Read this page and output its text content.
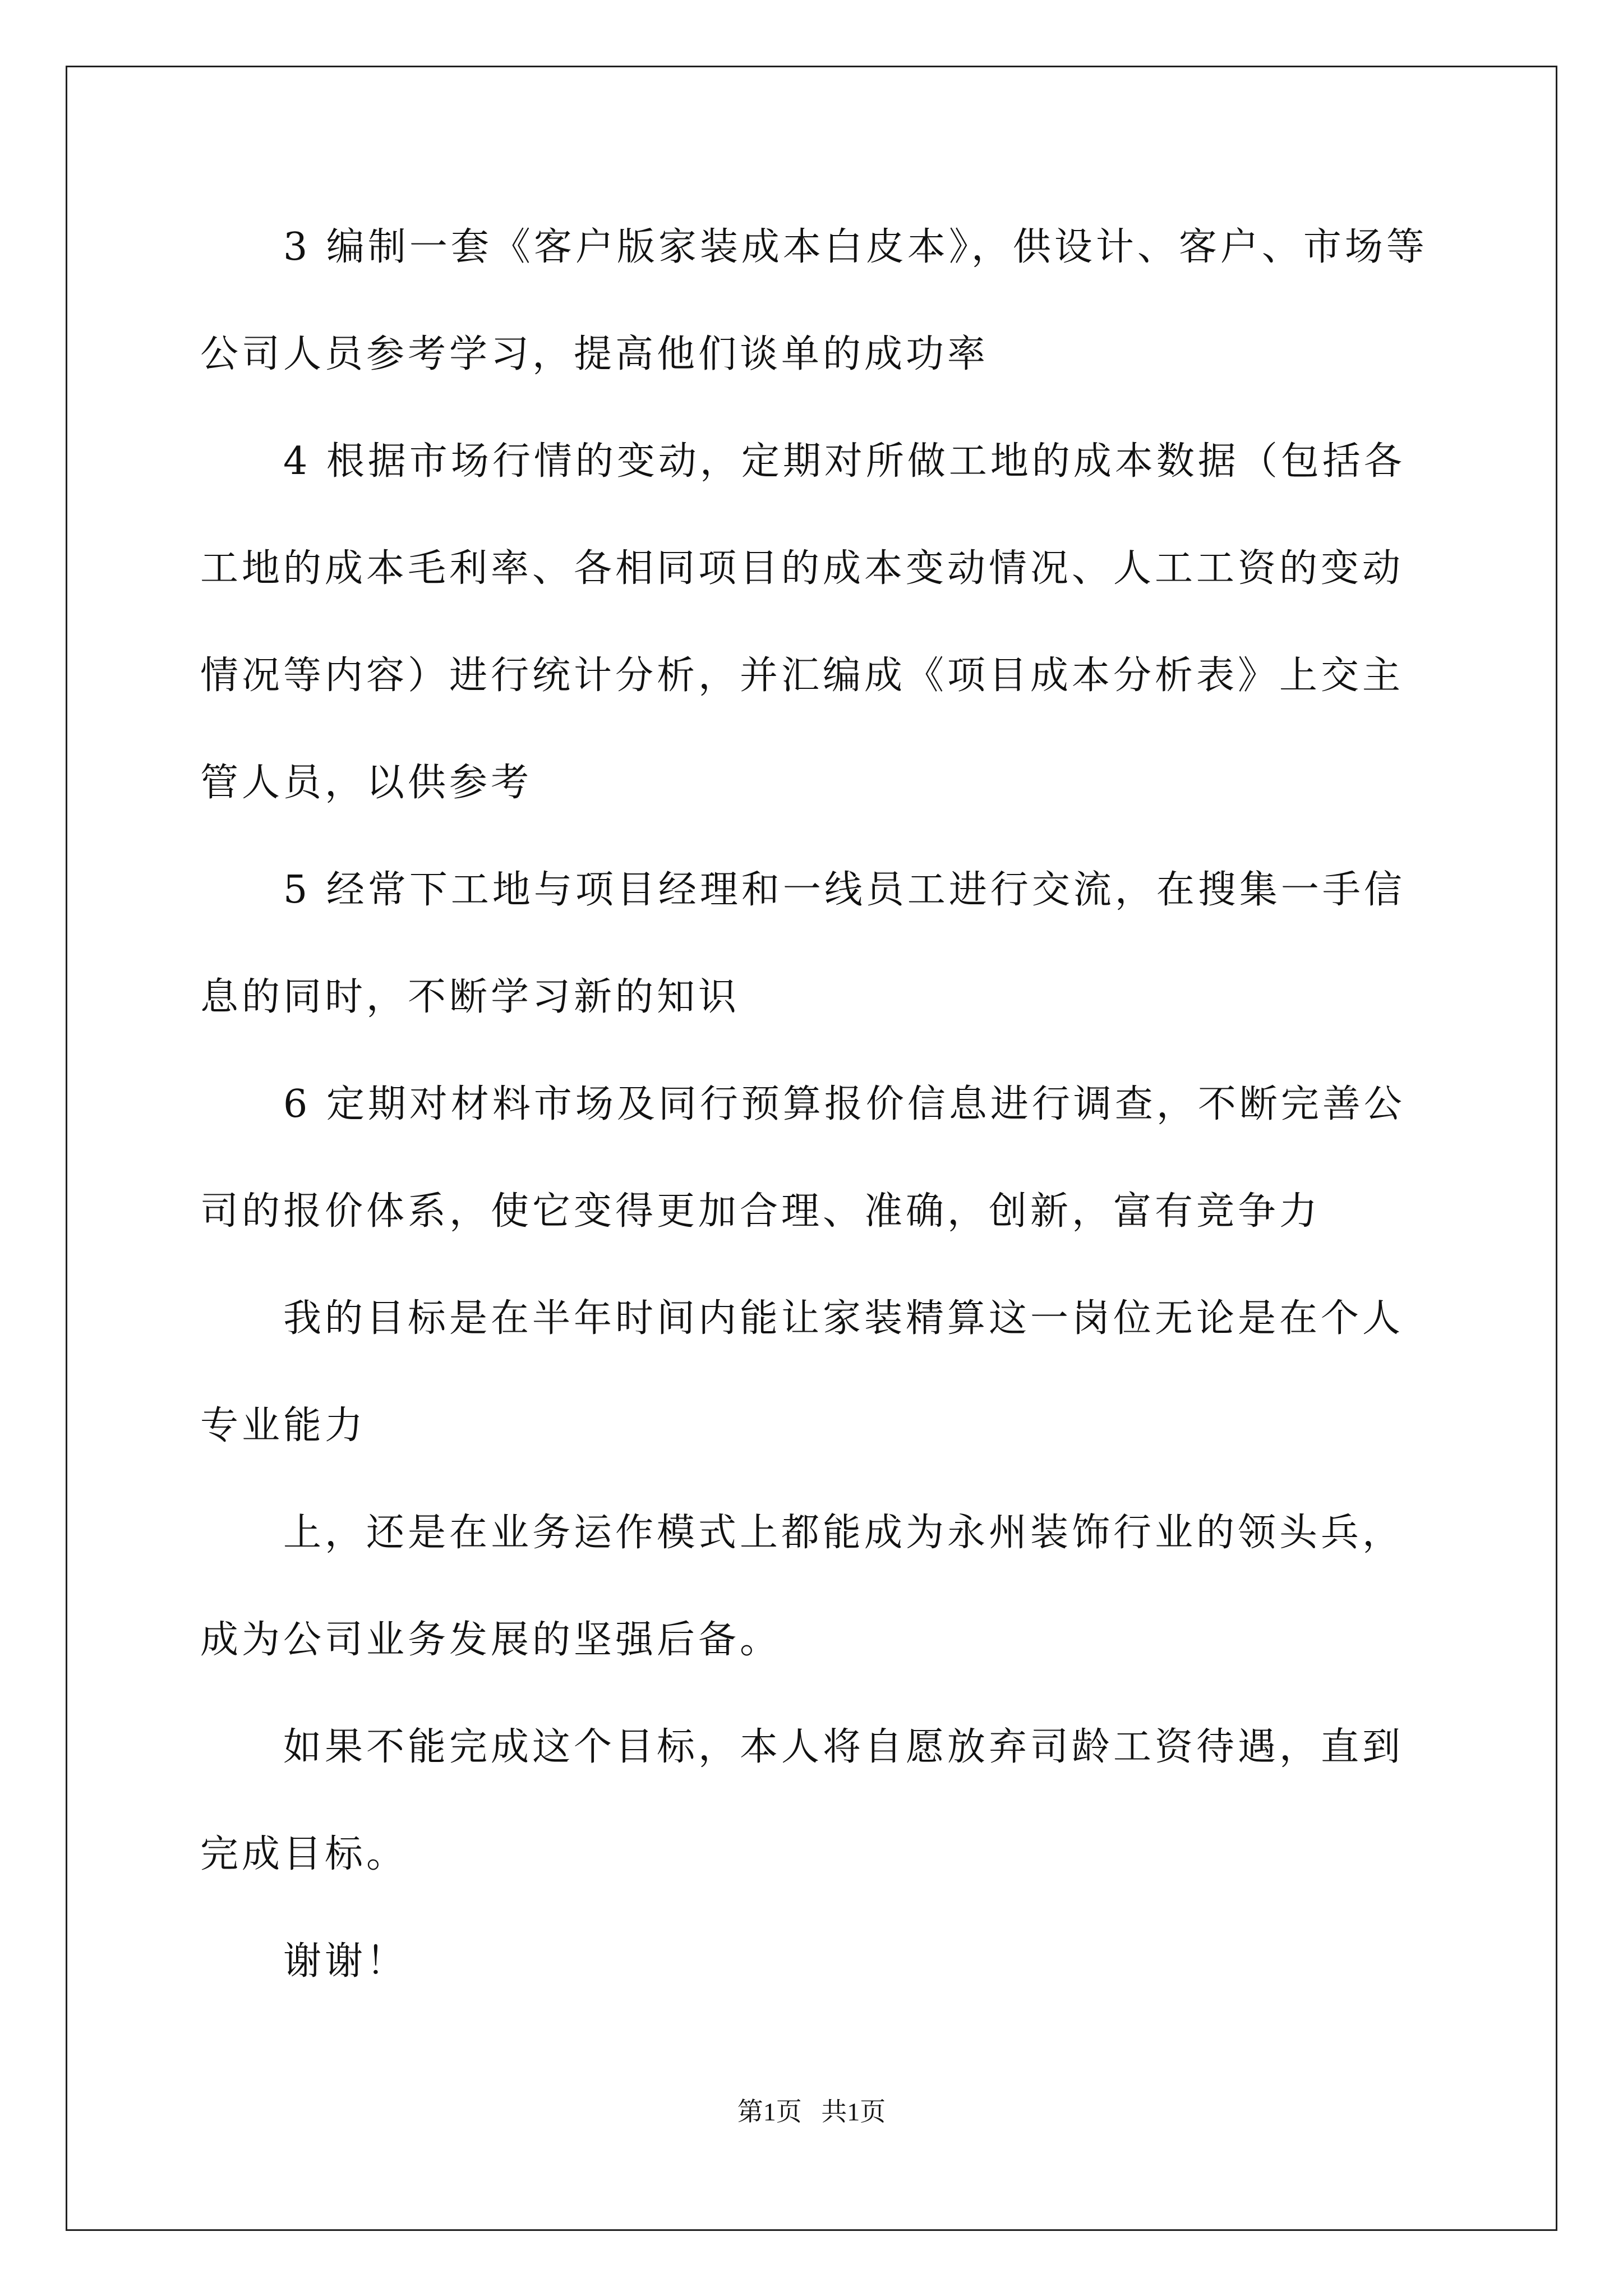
3 编制一套《客户版家装成本白皮本》，供设计、客户、市场等公司人员参考学习，提高他们谈单的成功率

4 根据市场行情的变动，定期对所做工地的成本数据（包括各工地的成本毛利率、各相同项目的成本变动情况、人工工资的变动情况等内容）进行统计分析，并汇编成《项目成本分析表》上交主管人员，以供参考

5 经常下工地与项目经理和一线员工进行交流，在搜集一手信息的同时，不断学习新的知识

6 定期对材料市场及同行预算报价信息进行调查，不断完善公司的报价体系，使它变得更加合理、准确，创新，富有竞争力

我的目标是在半年时间内能让家装精算这一岗位无论是在个人专业能力

上，还是在业务运作模式上都能成为永州装饰行业的领头兵，成为公司业务发展的坚强后备。

如果不能完成这个目标，本人将自愿放弃司龄工资待遇，直到完成目标。

谢谢！

第1页 共1页
